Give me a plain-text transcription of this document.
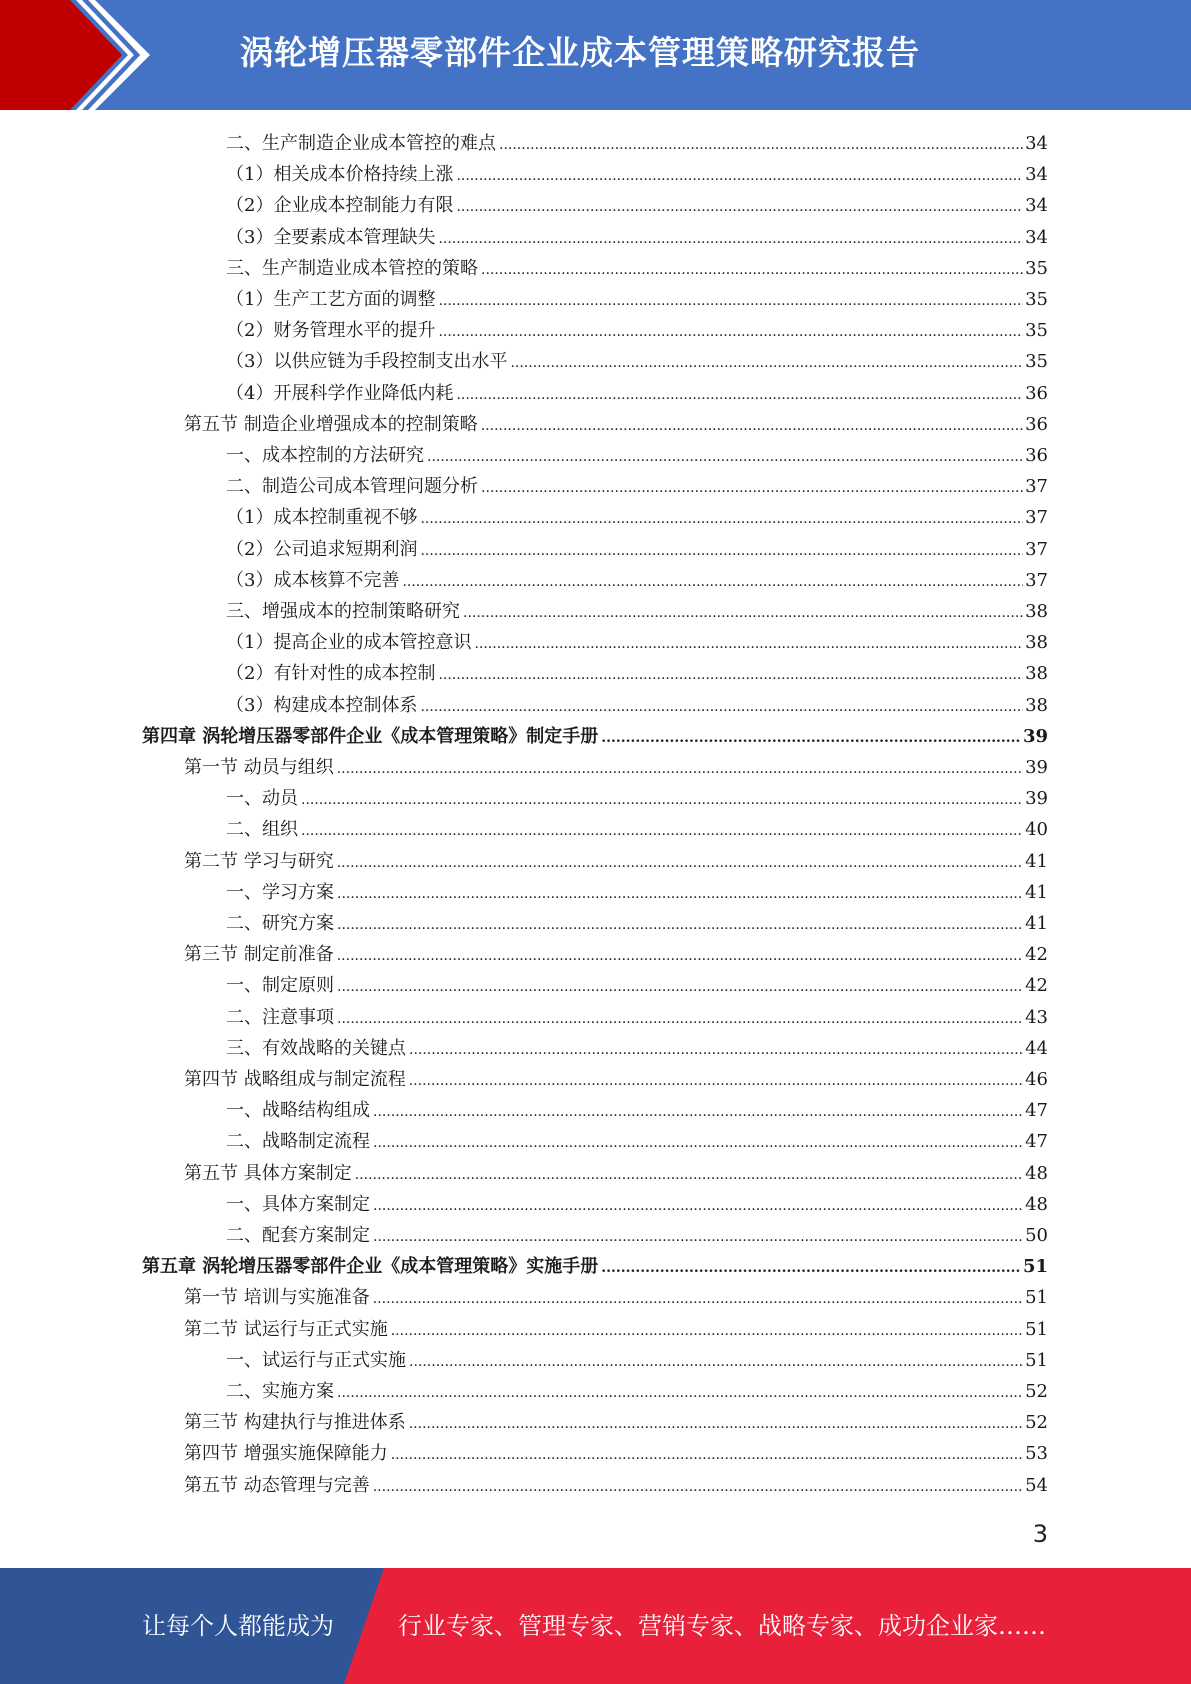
涡轮增压器零部件企业成本管理策略研究报告
二、生产制造企业成本管控的难点 .....	34
（1）相关成本价格持续上涨 .....	34
（2）企业成本控制能力有限 .....	34
（3）全要素成本管理缺失 .....	34
三、生产制造业成本管控的策略 .....	35
（1）生产工艺方面的调整 .....	35
（2）财务管理水平的提升 .....	35
（3）以供应链为手段控制支出水平 .....	35
（4）开展科学作业降低内耗 .....	36
第五节 制造企业增强成本的控制策略 .....	36
一、成本控制的方法研究 .....	36
二、制造公司成本管理问题分析 .....	37
（1）成本控制重视不够 .....	37
（2）公司追求短期利润 .....	37
（3）成本核算不完善 .....	37
三、增强成本的控制策略研究 .....	38
（1）提高企业的成本管控意识 .....	38
（2）有针对性的成本控制 .....	38
（3）构建成本控制体系 .....	38
第四章 涡轮增压器零部件企业《成本管理策略》制定手册 .....	39
第一节 动员与组织 .....	39
一、动员 .....	39
二、组织 .....	40
第二节 学习与研究 .....	41
一、学习方案 .....	41
二、研究方案 .....	41
第三节 制定前准备 .....	42
一、制定原则 .....	42
二、注意事项 .....	43
三、有效战略的关键点 .....	44
第四节 战略组成与制定流程 .....	46
一、战略结构组成 .....	47
二、战略制定流程 .....	47
第五节 具体方案制定 .....	48
一、具体方案制定 .....	48
二、配套方案制定 .....	50
第五章 涡轮增压器零部件企业《成本管理策略》实施手册 .....	51
第一节 培训与实施准备 .....	51
第二节 试运行与正式实施 .....	51
一、试运行与正式实施 .....	51
二、实施方案 .....	52
第三节 构建执行与推进体系 .....	52
第四节 增强实施保障能力 .....	53
第五节 动态管理与完善 .....	54
3
让每个人都能成为	行业专家、管理专家、营销专家、战略专家、成功企业家……
